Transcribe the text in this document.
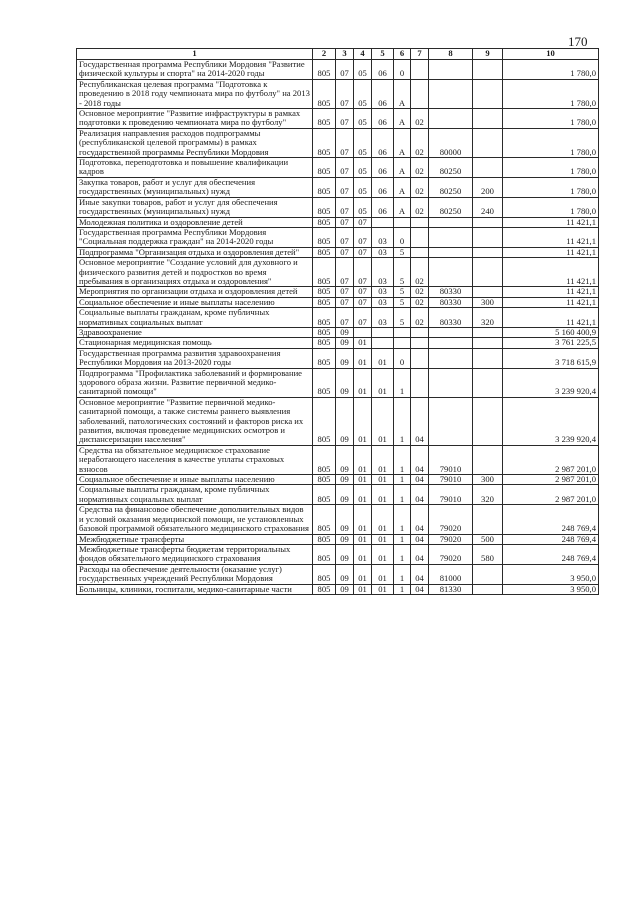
170
1	2	3	4	5	6	7	8	9	10
Государственная программа Республики Мордовия "Развитие физической культуры и спорта" на 2014-2020 годы	805	07	05	06	0				1 780,0
Республиканская целевая программа "Подготовка к проведению в 2018 году чемпионата мира по футболу" на 2013 - 2018 годы	805	07	05	06	А				1 780,0
Основное мероприятие "Развитие инфраструктуры в рамках подготовки к проведению чемпионата мира по футболу"	805	07	05	06	А	02			1 780,0
Реализация направления расходов подпрограммы (республиканской целевой программы) в рамках государственной программы Республики Мордовия	805	07	05	06	А	02	80000		1 780,0
Подготовка, переподготовка и повышение квалификации кадров	805	07	05	06	А	02	80250		1 780,0
Закупка товаров, работ и услуг для обеспечения государственных (муниципальных) нужд	805	07	05	06	А	02	80250	200	1 780,0
Иные закупки товаров, работ и услуг для обеспечения государственных (муниципальных) нужд	805	07	05	06	А	02	80250	240	1 780,0
Молодежная политика и оздоровление детей	805	07	07						11 421,1
Государственная программа Республики Мордовия "Социальная поддержка граждан" на 2014-2020 годы	805	07	07	03	0				11 421,1
Подпрограмма "Организация отдыха и оздоровления детей"	805	07	07	03	5				11 421,1
Основное мероприятие "Создание условий для духовного и физического развития детей и подростков во время пребывания в организациях отдыха и оздоровления"	805	07	07	03	5	02			11 421,1
Мероприятия по организации отдыха и оздоровления детей	805	07	07	03	5	02	80330		11 421,1
Социальное обеспечение и иные выплаты населению	805	07	07	03	5	02	80330	300	11 421,1
Социальные выплаты гражданам, кроме публичных нормативных социальных выплат	805	07	07	03	5	02	80330	320	11 421,1
Здравоохранение	805	09							5 160 400,9
Стационарная медицинская помощь	805	09	01						3 761 225,5
Государственная программа развития здравоохранения Республики Мордовия на 2013-2020 годы	805	09	01	01	0				3 718 615,9
Подпрограмма "Профилактика заболеваний и формирование здорового образа жизни. Развитие первичной медико-санитарной помощи"	805	09	01	01	1				3 239 920,4
Основное мероприятие "Развитие первичной медико-санитарной помощи, а также системы раннего выявления заболеваний, патологических состояний и факторов риска их развития, включая проведение медицинских осмотров и диспансеризации населения"	805	09	01	01	1	04			3 239 920,4
Средства на обязательное медицинское страхование неработающего населения в качестве уплаты страховых взносов	805	09	01	01	1	04	79010		2 987 201,0
Социальное обеспечение и иные выплаты населению	805	09	01	01	1	04	79010	300	2 987 201,0
Социальные выплаты гражданам, кроме публичных нормативных социальных выплат	805	09	01	01	1	04	79010	320	2 987 201,0
Средства на финансовое обеспечение дополнительных видов и условий оказания медицинской помощи, не установленных базовой программой обязательного медицинского страхования	805	09	01	01	1	04	79020		248 769,4
Межбюджетные трансферты	805	09	01	01	1	04	79020	500	248 769,4
Межбюджетные трансферты бюджетам территориальных фондов обязательного медицинского страхования	805	09	01	01	1	04	79020	580	248 769,4
Расходы на обеспечение деятельности (оказание услуг) государственных учреждений Республики Мордовия	805	09	01	01	1	04	81000		3 950,0
Больницы, клиники, госпитали, медико-санитарные части	805	09	01	01	1	04	81330		3 950,0
